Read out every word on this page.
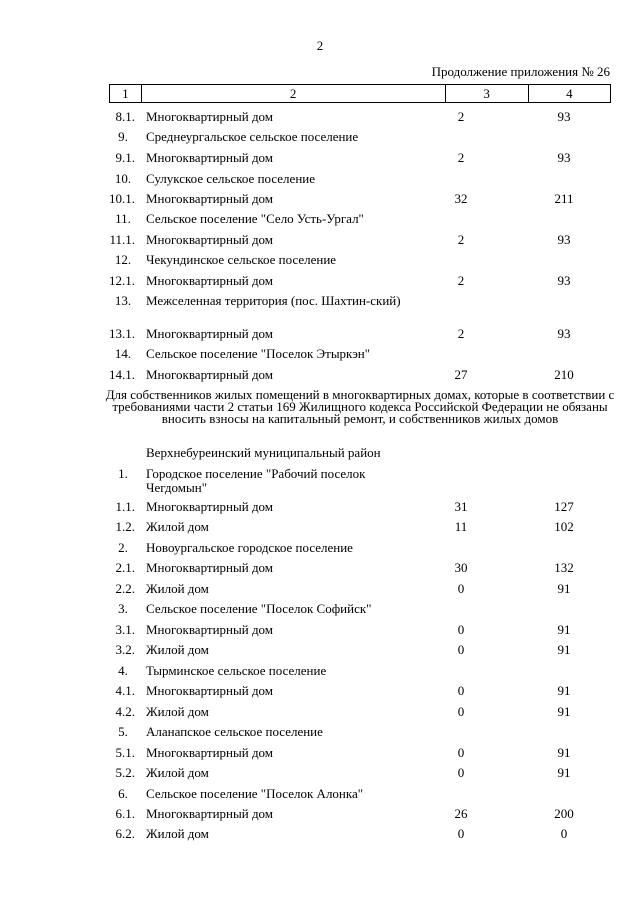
2
Продолжение приложения № 26
1	2	3	4
8.1. Многоквартирный дом	2	93
9.	Среднеургальское сельское поселение
9.1. Многоквартирный дом	2	93
10.	Сулукское сельское поселение
10.1. Многоквартирный дом	32	211
11.	Сельское поселение "Село Усть-Ургал"
11.1. Многоквартирный дом	2	93
12.	Чекундинское сельское поселение
12.1. Многоквартирный дом	2	93
13.	Межселенная территория (пос. Шахтин-ский)
13.1. Многоквартирный дом	2	93
14.	Сельское поселение "Поселок Этыркэн"
14.1. Многоквартирный дом	27	210
Для собственников жилых помещений в многоквартирных домах, которые в соответствии с требованиями части 2 статьи 169 Жилищного кодекса Российской Федерации не обязаны вносить взносы на капитальный ремонт, и собственников жилых домов
Верхнебуреинский муниципальный район
1.	Городское поселение "Рабочий поселок Чегдомын"
1.1. Многоквартирный дом	31	127
1.2. Жилой дом	11	102
2.	Новоургальское городское поселение
2.1. Многоквартирный дом	30	132
2.2. Жилой дом	0	91
3.	Сельское поселение "Поселок Софийск"
3.1. Многоквартирный дом	0	91
3.2. Жилой дом	0	91
4.	Тырминское сельское поселение
4.1. Многоквартирный дом	0	91
4.2. Жилой дом	0	91
5.	Аланапское сельское поселение
5.1. Многоквартирный дом	0	91
5.2. Жилой дом	0	91
6.	Сельское поселение "Поселок Алонка"
6.1. Многоквартирный дом	26	200
6.2. Жилой дом	0	0
